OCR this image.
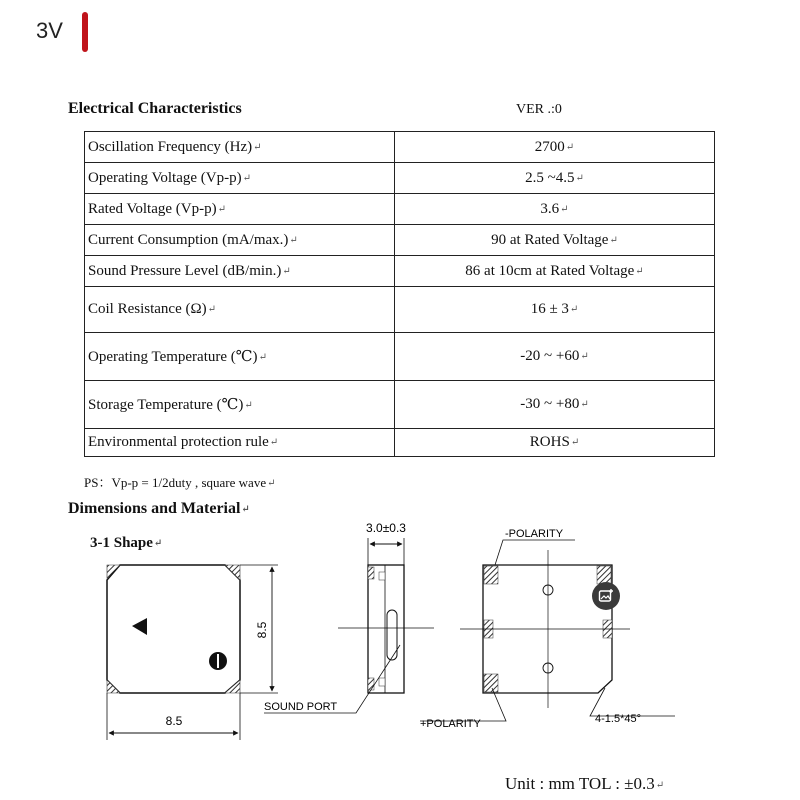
3V
Electrical Characteristics	VER .:0
Oscillation Frequency (Hz)↵	2700↵
Operating Voltage (Vp-p)↵	2.5 ~4.5↵
Rated Voltage (Vp-p)↵	3.6↵
Current Consumption (mA/max.)↵	90 at Rated Voltage↵
Sound Pressure Level (dB/min.)↵	86 at 10cm at Rated Voltage↵
Coil Resistance (Ω)↵	16 ± 3↵
Operating Temperature (℃)↵	-20 ~ +60↵
Storage Temperature (℃)↵	-30 ~ +80↵
Environmental protection rule↵	ROHS↵
PS：Vp-p = 1/2duty , square wave↵
Dimensions and Material↵
3-1 Shape↵
8.5
8.5
3.0±0.3
SOUND PORT
-POLARITY
+POLARITY	4-1.5*45°
Unit : mm TOL : ±0.3↵
